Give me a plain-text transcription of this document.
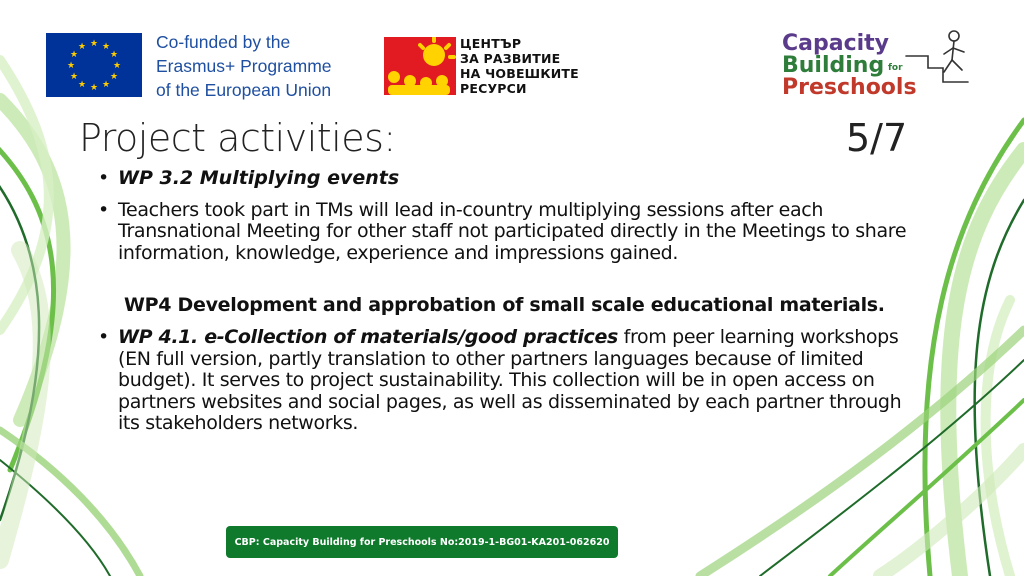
★ ★
★
★
★
★
★
★
★
★
★
★	Co-funded by the
Erasmus+ Programme
of the European Union
ЦЕНТЪР
ЗА РАЗВИТИЕ
НА ЧОВЕШКИТЕ
РЕСУРСИ
Capacity
Building for
Preschools
Project activities:	5/7
• WP 3.2 Multiplying events
• Teachers took part in TMs will lead in-country multiplying sessions after each Transnational Meeting for other staff not participated directly in the Meetings to share information, knowledge, experience and impressions gained.
WP4 Development and approbation of small scale educational materials.
• WP 4.1. e-Collection of materials/good practices from peer learning workshops (EN full version, partly translation to other partners languages because of limited budget). It serves to project sustainability. This collection will be in open access on partners websites and social pages, as well as disseminated by each partner through its stakeholders networks.
CBP: Capacity Building for Preschools No:2019-1-BG01-KA201-062620
